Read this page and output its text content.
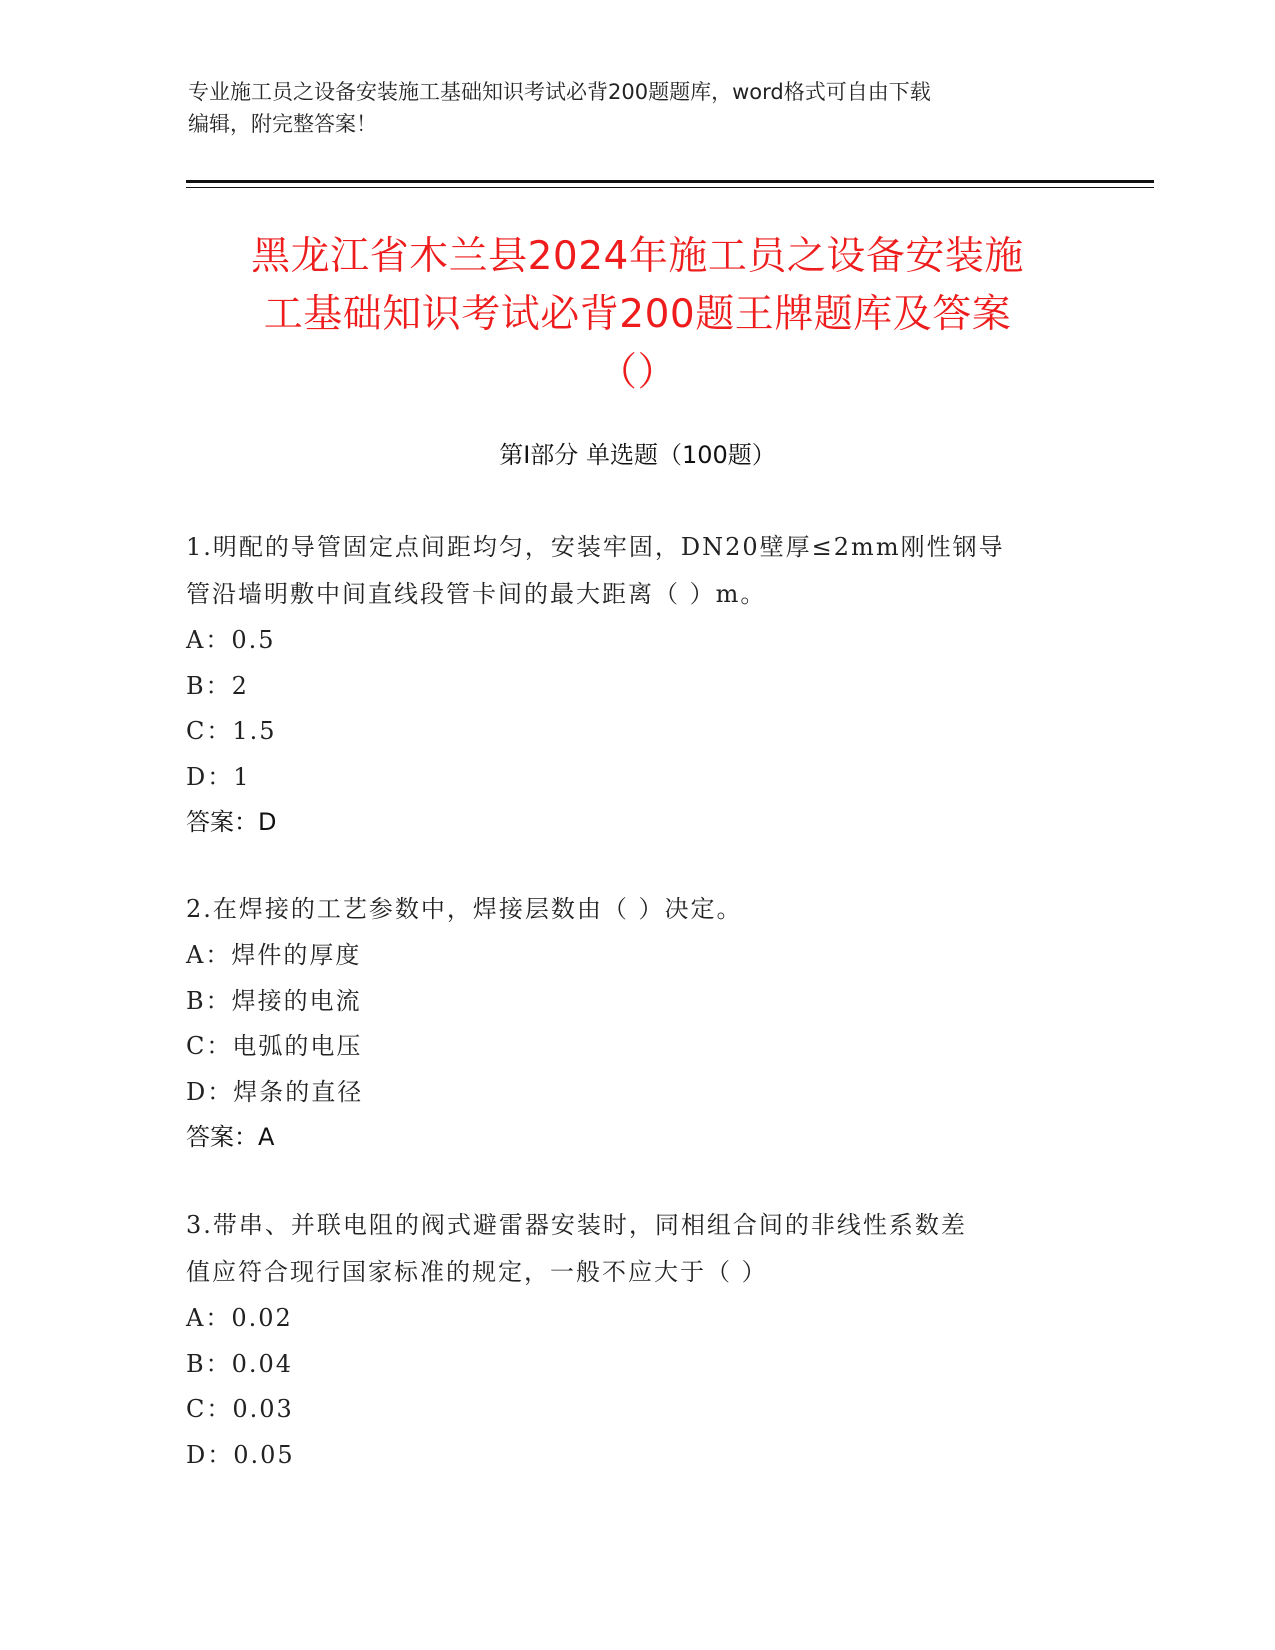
专业施工员之设备安装施工基础知识考试必背200题题库，word格式可自由下载
编辑，附完整答案！
黑龙江省木兰县2024年施工员之设备安装施
工基础知识考试必背200题王牌题库及答案
（）
第Ⅰ部分 单选题（100题）
1.明配的导管固定点间距均匀，安装牢固，DN20壁厚≤2mm刚性钢导
管沿墙明敷中间直线段管卡间的最大距离（ ）m。
A：0.5
B：2
C：1.5
D：1
答案：D
2.在焊接的工艺参数中，焊接层数由（ ）决定。
A：焊件的厚度
B：焊接的电流
C：电弧的电压
D：焊条的直径
答案：A
3.带串、并联电阻的阀式避雷器安装时，同相组合间的非线性系数差
值应符合现行国家标准的规定，一般不应大于（ ）
A：0.02
B：0.04
C：0.03
D：0.05
